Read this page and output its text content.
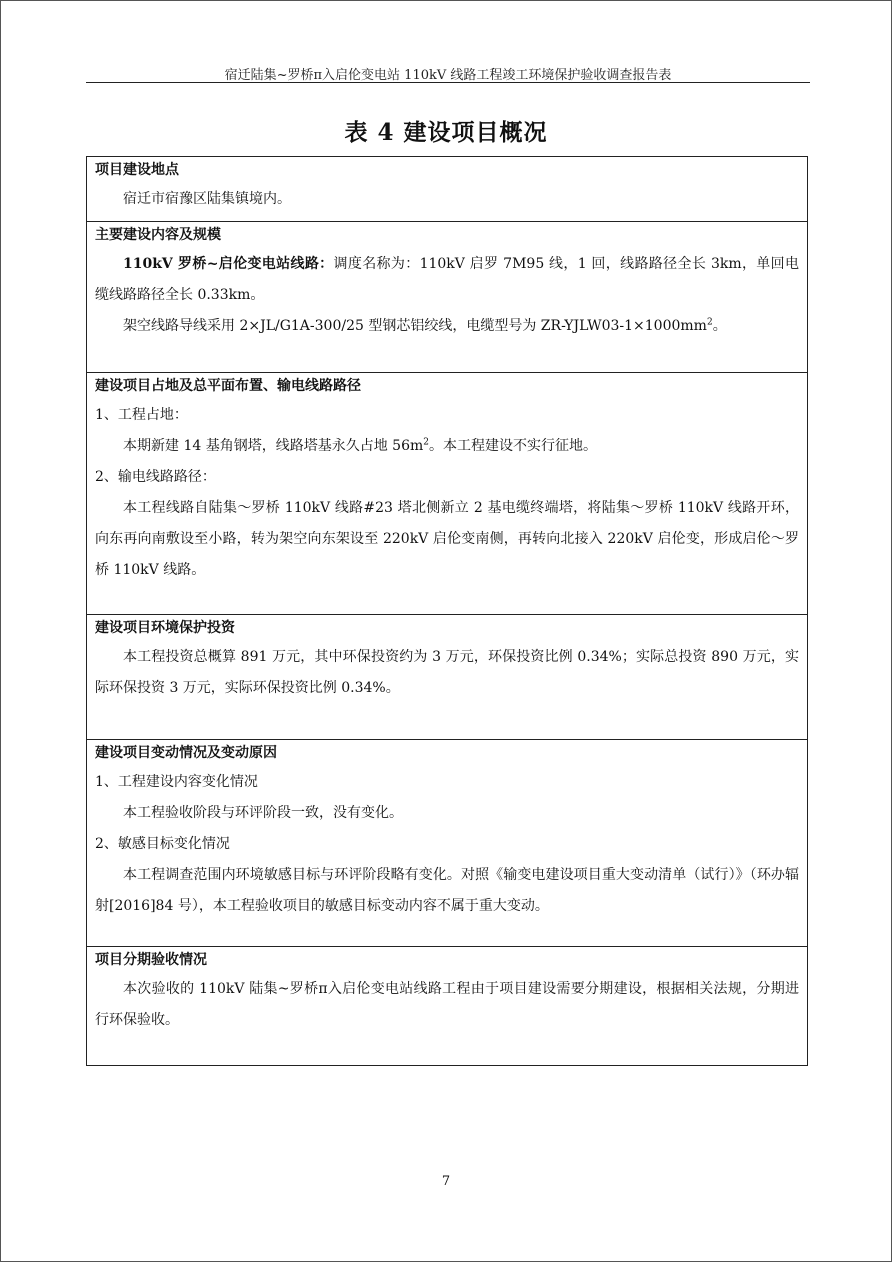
宿迁陆集~罗桥π入启伦变电站 110kV 线路工程竣工环境保护验收调查报告表
表 4 建设项目概况
项目建设地点
宿迁市宿豫区陆集镇境内。
主要建设内容及规模
110kV 罗桥~启伦变电站线路：调度名称为：110kV 启罗 7M95 线，1 回，线路路径全长 3km，单回电缆线路路径全长 0.33km。
架空线路导线采用 2×JL/G1A-300/25 型钢芯铝绞线，电缆型号为 $ZR-YJLW03-1\times 1000mm^2$。
建设项目占地及总平面布置、输电线路路径
1、工程占地：
本期新建 14 基角钢塔，线路塔基永久占地 $56m^2$。本工程建设不实行征地。
2、输电线路路径：
本工程线路自陆集～罗桥 110kV 线路#23 塔北侧新立 2 基电缆终端塔，将陆集～罗桥 110kV 线路开环，向东再向南敷设至小路，转为架空向东架设至 220kV 启伦变南侧，再转向北接入 220kV 启伦变，形成启伦～罗桥 110kV 线路。
建设项目环境保护投资
本工程投资总概算 891 万元，其中环保投资约为 3 万元，环保投资比例 0.34%；实际总投资 890 万元，实际环保投资 3 万元，实际环保投资比例 0.34%。
建设项目变动情况及变动原因
1、工程建设内容变化情况
本工程验收阶段与环评阶段一致，没有变化。
2、敏感目标变化情况
本工程调查范围内环境敏感目标与环评阶段略有变化。对照《输变电建设项目重大变动清单（试行）》（环办辐射[2016]84 号），本工程验收项目的敏感目标变动内容不属于重大变动。
项目分期验收情况
本次验收的 110kV 陆集~罗桥π入启伦变电站线路工程由于项目建设需要分期建设，根据相关法规，分期进行环保验收。
7
